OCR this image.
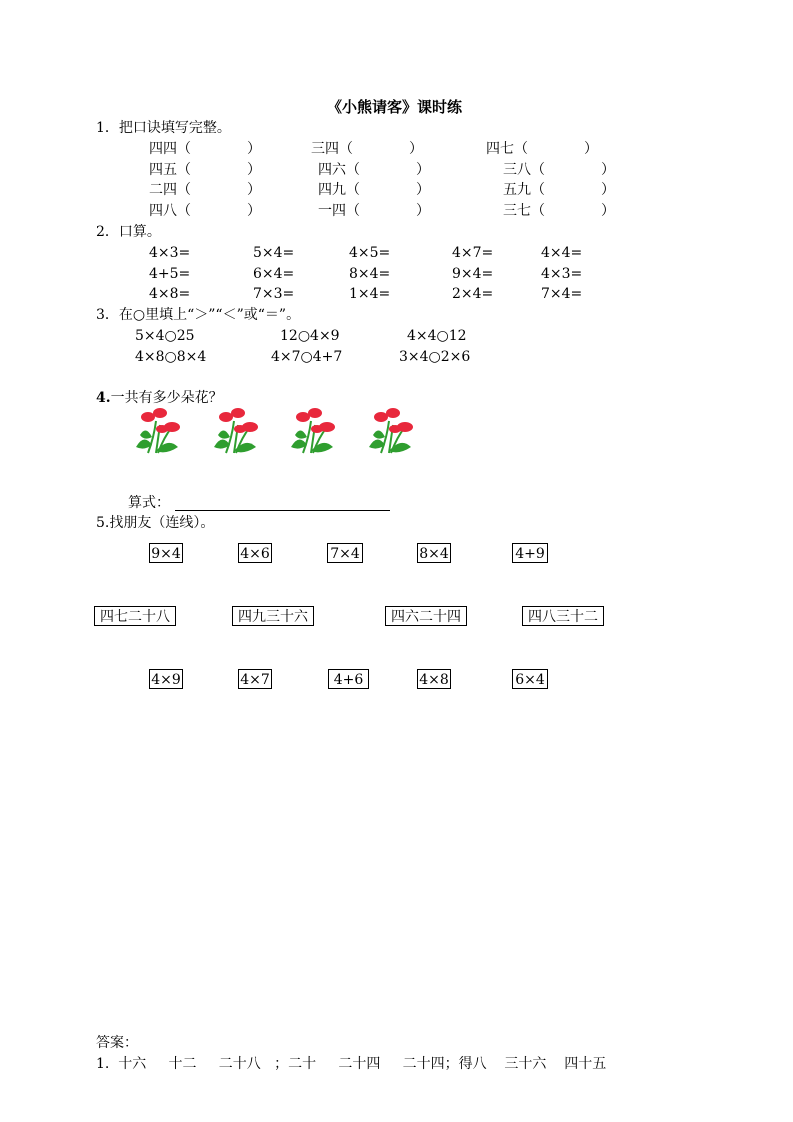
《小熊请客》课时练
1．把口诀填写完整。
四四（　　　　）	三四（　　　　）	四七（　　　　）
四五（　　　　）	四六（　　　　）	三八（　　　　）
二四（　　　　）	四九（　　　　）	五九（　　　　）
四八（　　　　）	一四（　　　　）	三七（　　　　）
2．口算。
4×3=	5×4=	4×5=	4×7=	4×4=
4+5=	6×4=	8×4=	9×4=	4×3=
4×8=	7×3=	1×4=	2×4=	7×4=
3．在○里填上“＞”“＜”或“＝”。
5×4○25	12○4×9	4×4○12
4×8○8×4	4×7○4+7	3×4○2×6
4.一共有多少朵花？
算式：
5.找朋友（连线）。
9×4	4×6	7×4	8×4	4+9
四七二十八	四九三十六	四六二十四	四八三十二
4×9	4×7	4+6	4×8	6×4
答案：
1.  十六     十二     二十八   ；二十     二十四     二十四；得八    三十六    四十五
